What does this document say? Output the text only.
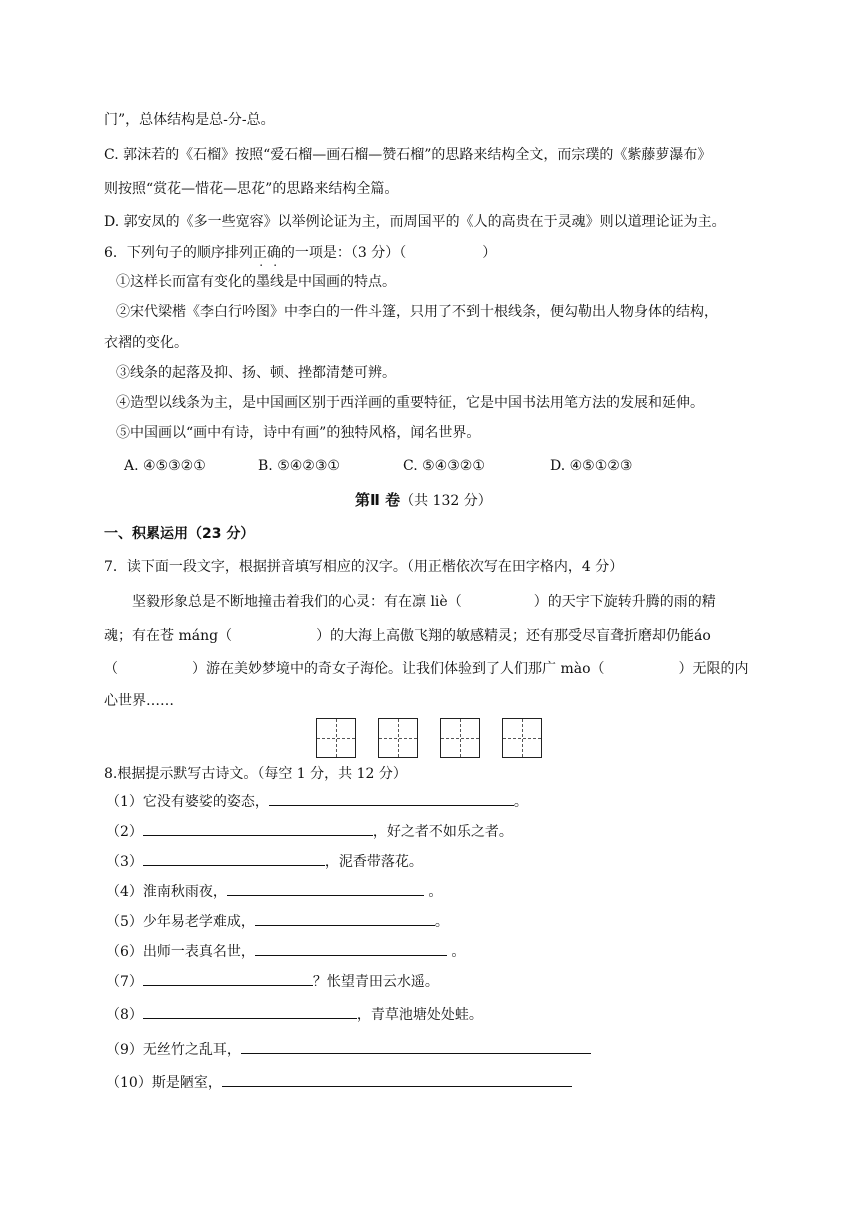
门”，总体结构是总-分-总。
C. 郭沫若的《石榴》按照“爱石榴—画石榴—赞石榴”的思路来结构全文，而宗璞的《紫藤萝瀑布》
则按照“赏花—惜花—思花”的思路来结构全篇。
D. 郭安凤的《多一些宽容》以举例论证为主，而周国平的《人的高贵在于灵魂》则以道理论证为主。
6．下列句子的顺序排列正确的一项是：（3 分）（	）
①这样长而富有变化的墨线是中国画的特点。
②宋代梁楷《李白行吟图》中李白的一件斗篷，只用了不到十根线条，便勾勒出人物身体的结构，
衣褶的变化。
③线条的起落及抑、扬、顿、挫都清楚可辨。
④造型以线条为主，是中国画区别于西洋画的重要特征，它是中国书法用笔方法的发展和延伸。
⑤中国画以“画中有诗，诗中有画”的独特风格，闻名世界。
A. ④⑤③②①	B. ⑤④②③①	C. ⑤④③②①	D. ④⑤①②③
第Ⅱ 卷（共 132 分）
一、积累运用（23 分）
7．读下面一段文字，根据拼音填写相应的汉字。（用正楷依次写在田字格内，4 分）
坚毅形象总是不断地撞击着我们的心灵：有在凛 liè（	）的天宇下旋转升腾的雨的精
魂；有在苍 máng（	）的大海上高傲飞翔的敏感精灵；还有那受尽盲聋折磨却仍能áo
（	）游在美妙梦境中的奇女子海伦。让我们体验到了人们那广 mào（	）无限的内
心世界……
8.根据提示默写古诗文。（每空 1 分，共 12 分）
（1）它没有婆娑的姿态，	。
（2）	，好之者不如乐之者。
（3）	，泥香带落花。
（4）淮南秋雨夜，	。
（5）少年易老学难成，	。
（6）出师一表真名世，	。
（7）	？怅望青田云水遥。
（8）	，青草池塘处处蛙。
（9）无丝竹之乱耳，
（10）斯是陋室，
